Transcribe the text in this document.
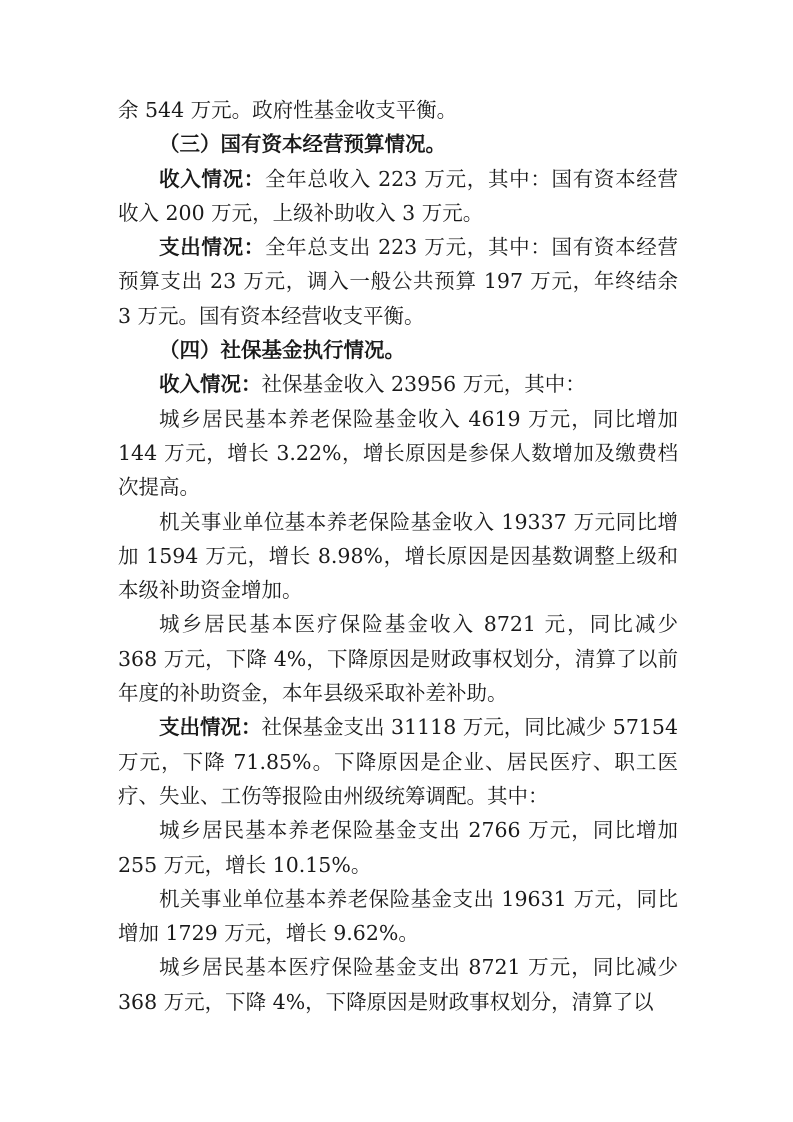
余 544 万元。政府性基金收支平衡。

（三）国有资本经营预算情况。

收入情况：全年总收入 223 万元，其中：国有资本经营收入 200 万元，上级补助收入 3 万元。

支出情况：全年总支出 223 万元，其中：国有资本经营预算支出 23 万元，调入一般公共预算 197 万元，年终结余 3 万元。国有资本经营收支平衡。

（四）社保基金执行情况。

收入情况：社保基金收入 23956 万元，其中：

城乡居民基本养老保险基金收入 4619 万元，同比增加 144 万元，增长 3.22%，增长原因是参保人数增加及缴费档次提高。

机关事业单位基本养老保险基金收入 19337 万元同比增加 1594 万元，增长 8.98%，增长原因是因基数调整上级和本级补助资金增加。

城乡居民基本医疗保险基金收入 8721 元，同比减少 368 万元，下降 4%，下降原因是财政事权划分，清算了以前年度的补助资金，本年县级采取补差补助。

支出情况：社保基金支出 31118 万元，同比减少 57154 万元，下降 71.85%。下降原因是企业、居民医疗、职工医疗、失业、工伤等报险由州级统筹调配。其中：

城乡居民基本养老保险基金支出 2766 万元，同比增加 255 万元，增长 10.15%。

机关事业单位基本养老保险基金支出 19631 万元，同比增加 1729 万元，增长 9.62%。

城乡居民基本医疗保险基金支出 8721 万元，同比减少 368 万元，下降 4%，下降原因是财政事权划分，清算了以
